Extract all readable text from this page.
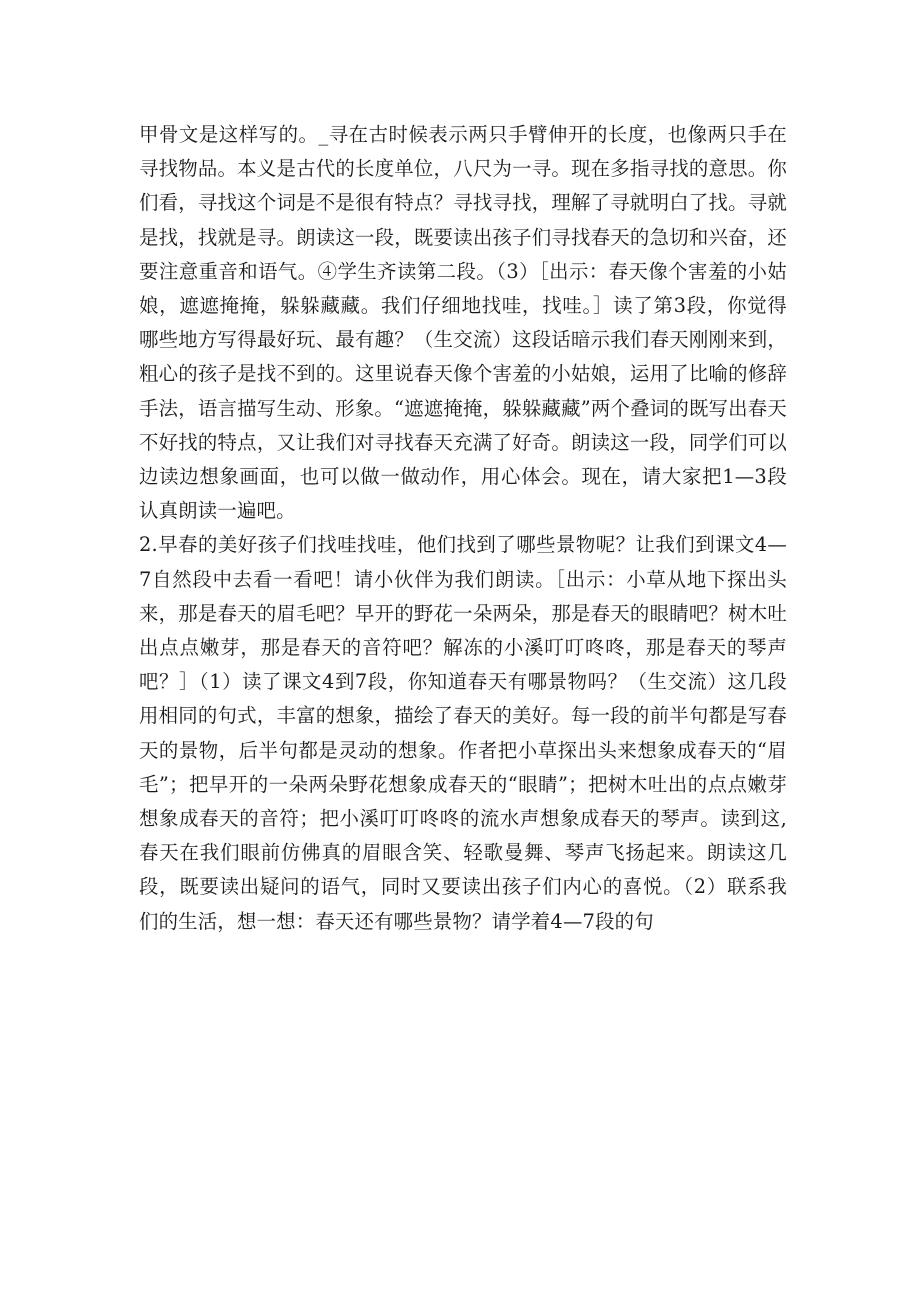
甲骨文是这样写的。_寻在古时候表示两只手臂伸开的长度，也像两只手在寻找物品。本义是古代的长度单位，八尺为一寻。现在多指寻找的意思。你们看，寻找这个词是不是很有特点？寻找寻找，理解了寻就明白了找。寻就是找，找就是寻。朗读这一段，既要读出孩子们寻找春天的急切和兴奋，还要注意重音和语气。④学生齐读第二段。（3）［出示：春天像个害羞的小姑娘，遮遮掩掩，躲躲藏藏。我们仔细地找哇，找哇。］读了第3段，你觉得哪些地方写得最好玩、最有趣？（生交流）这段话暗示我们春天刚刚来到，粗心的孩子是找不到的。这里说春天像个害羞的小姑娘，运用了比喻的修辞手法，语言描写生动、形象。“遮遮掩掩，躲躲藏藏”两个叠词的既写出春天不好找的特点，又让我们对寻找春天充满了好奇。朗读这一段，同学们可以边读边想象画面，也可以做一做动作，用心体会。现在，请大家把1—3段认真朗读一遍吧。

2.早春的美好孩子们找哇找哇，他们找到了哪些景物呢？让我们到课文4—7自然段中去看一看吧！请小伙伴为我们朗读。［出示：小草从地下探出头来，那是春天的眉毛吧？早开的野花一朵两朵，那是春天的眼睛吧？树木吐出点点嫩芽，那是春天的音符吧？解冻的小溪叮叮咚咚，那是春天的琴声吧？］（1）读了课文4到7段，你知道春天有哪景物吗？（生交流）这几段用相同的句式，丰富的想象，描绘了春天的美好。每一段的前半句都是写春天的景物，后半句都是灵动的想象。作者把小草探出头来想象成春天的“眉毛”；把早开的一朵两朵野花想象成春天的“眼睛”；把树木吐出的点点嫩芽想象成春天的音符；把小溪叮叮咚咚的流水声想象成春天的琴声。读到这,春天在我们眼前仿佛真的眉眼含笑、轻歌曼舞、琴声飞扬起来。朗读这几段，既要读出疑问的语气，同时又要读出孩子们内心的喜悦。（2）联系我们的生活，想一想：春天还有哪些景物？请学着4—7段的句
